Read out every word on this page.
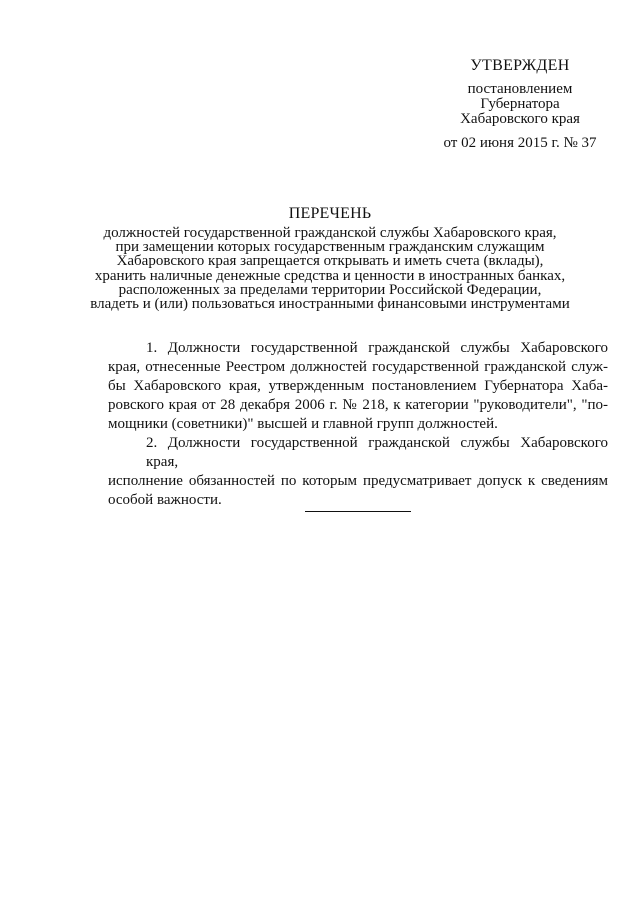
УТВЕРЖДЕН
постановлением
Губернатора
Хабаровского края
от 02 июня 2015 г. № 37
ПЕРЕЧЕНЬ
должностей государственной гражданской службы Хабаровского края,
при замещении которых государственным гражданским служащим
Хабаровского края запрещается открывать и иметь счета (вклады),
хранить наличные денежные средства и ценности в иностранных банках,
расположенных за пределами территории Российской Федерации,
владеть и (или) пользоваться иностранными финансовыми инструментами
1. Должности государственной гражданской службы Хабаровского
края, отнесенные Реестром должностей государственной гражданской служ-
бы Хабаровского края, утвержденным постановлением Губернатора Хаба-
ровского края от 28 декабря 2006 г. № 218, к категории "руководители", "по-
мощники (советники)" высшей и главной групп должностей.
2. Должности государственной гражданской службы Хабаровского края,
исполнение обязанностей по которым предусматривает допуск к сведениям
особой важности.
